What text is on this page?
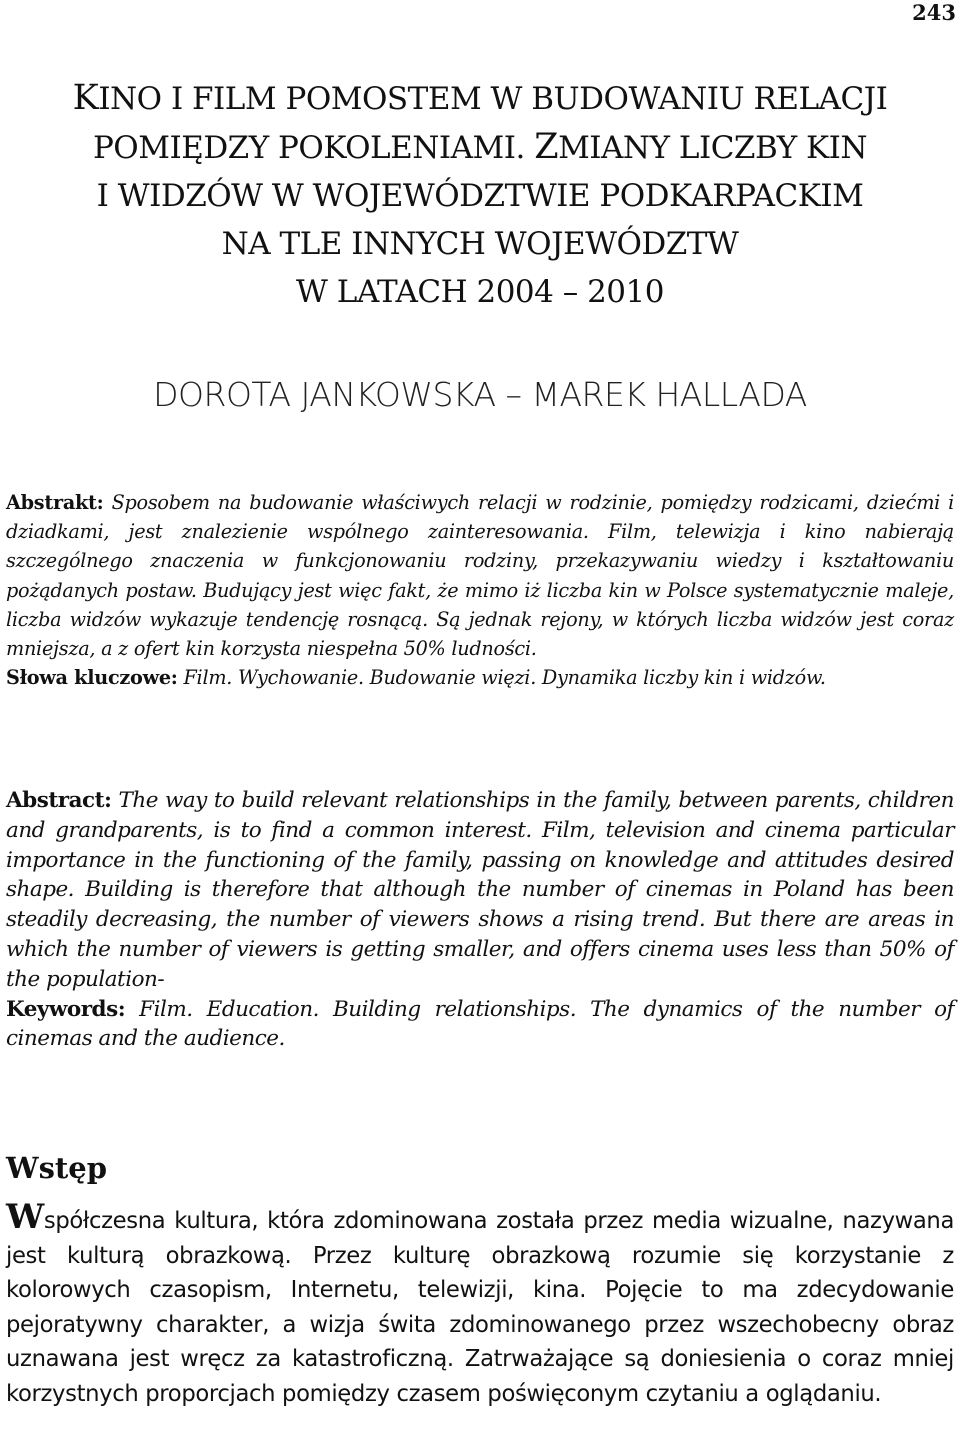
243
KINO I FILM POMOSTEM W BUDOWANIU RELACJI
POMIĘDZY POKOLENIAMI. ZMIANY LICZBY KIN
I WIDZÓW W WOJEWÓDZTWIE PODKARPACKIM
NA TLE INNYCH WOJEWÓDZTW
W LATACH 2004 – 2010
DOROTA JANKOWSKA – MAREK HALLADA
Abstrakt: Sposobem na budowanie właściwych relacji w rodzinie, pomiędzy rodzicami, dziećmi i dziadkami, jest znalezienie wspólnego zainteresowania. Film, telewizja i kino nabierają szczególnego znaczenia w funkcjonowaniu rodziny, przekazywaniu wiedzy i kształtowaniu pożądanych postaw. Budujący jest więc fakt, że mimo iż liczba kin w Polsce systematycznie maleje, liczba widzów wykazuje tendencję rosnącą. Są jednak rejony, w których liczba widzów jest coraz mniejsza, a z ofert kin korzysta niespełna 50% ludności.
Słowa kluczowe: Film. Wychowanie. Budowanie więzi. Dynamika liczby kin i widzów.
Abstract: The way to build relevant relationships in the family, between parents, children and grandparents, is to find a common interest. Film, television and cinema particular importance in the functioning of the family, passing on knowledge and attitudes desired shape. Building is therefore that although the number of cinemas in Poland has been steadily decreasing, the number of viewers shows a rising trend. But there are areas in which the number of viewers is getting smaller, and offers cinema uses less than 50% of the population-
Keywords: Film. Education. Building relationships. The dynamics of the number of cinemas and the audience.
Wstęp
Współczesna kultura, która zdominowana została przez media wizualne, nazywana jest kulturą obrazkową. Przez kulturę obrazkową rozumie się korzystanie z kolorowych czasopism, Internetu, telewizji, kina. Pojęcie to ma zdecydowanie pejoratywny charakter, a wizja świta zdominowanego przez wszechobecny obraz uznawana jest wręcz za katastroficzną. Zatrważające są doniesienia o coraz mniej korzystnych proporcjach pomiędzy czasem poświęconym czytaniu a oglądaniu.
